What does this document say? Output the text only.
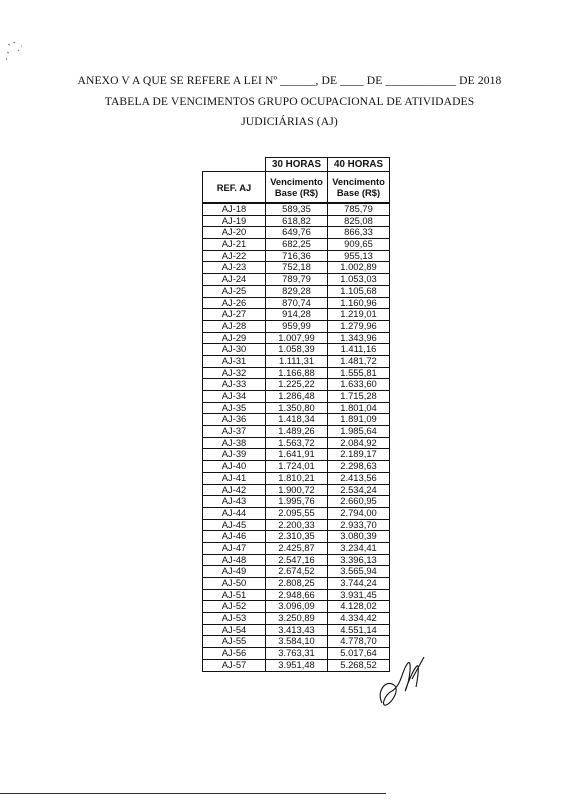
ANEXO V A QUE SE REFERE A LEI Nº ______, DE ____ DE ____________ DE 2018
TABELA DE VENCIMENTOS GRUPO OCUPACIONAL DE ATIVIDADES
JUDICIÁRIAS (AJ)
	30 HORAS	40 HORAS
REF. AJ	Vencimento Base (R$)	Vencimento Base (R$)
AJ-18	589,35	785,79
AJ-19	618,82	825,08
AJ-20	649,76	866,33
AJ-21	682,25	909,65
AJ-22	716,36	955,13
AJ-23	752,18	1.002,89
AJ-24	789,79	1.053,03
AJ-25	829,28	1.105,68
AJ-26	870,74	1.160,96
AJ-27	914,28	1.219,01
AJ-28	959,99	1.279,96
AJ-29	1.007,99	1.343,96
AJ-30	1.058,39	1.411,16
AJ-31	1.111,31	1.481,72
AJ-32	1.166,88	1.555,81
AJ-33	1.225,22	1.633,60
AJ-34	1.286,48	1.715,28
AJ-35	1.350,80	1.801,04
AJ-36	1.418,34	1.891,09
AJ-37	1.489,26	1.985,64
AJ-38	1.563,72	2.084,92
AJ-39	1.641,91	2.189,17
AJ-40	1.724,01	2.298,63
AJ-41	1.810,21	2.413,56
AJ-42	1.900,72	2.534,24
AJ-43	1.995,76	2.660,95
AJ-44	2.095,55	2.794,00
AJ-45	2.200,33	2.933,70
AJ-46	2.310,35	3.080,39
AJ-47	2.425,87	3.234,41
AJ-48	2.547,16	3.396,13
AJ-49	2.674,52	3.565,94
AJ-50	2.808,25	3.744,24
AJ-51	2.948,66	3.931,45
AJ-52	3.096,09	4.128,02
AJ-53	3.250,89	4.334,42
AJ-54	3.413,43	4.551,14
AJ-55	3.584,10	4.778,70
AJ-56	3.763,31	5.017,64
AJ-57	3.951,48	5.268,52
